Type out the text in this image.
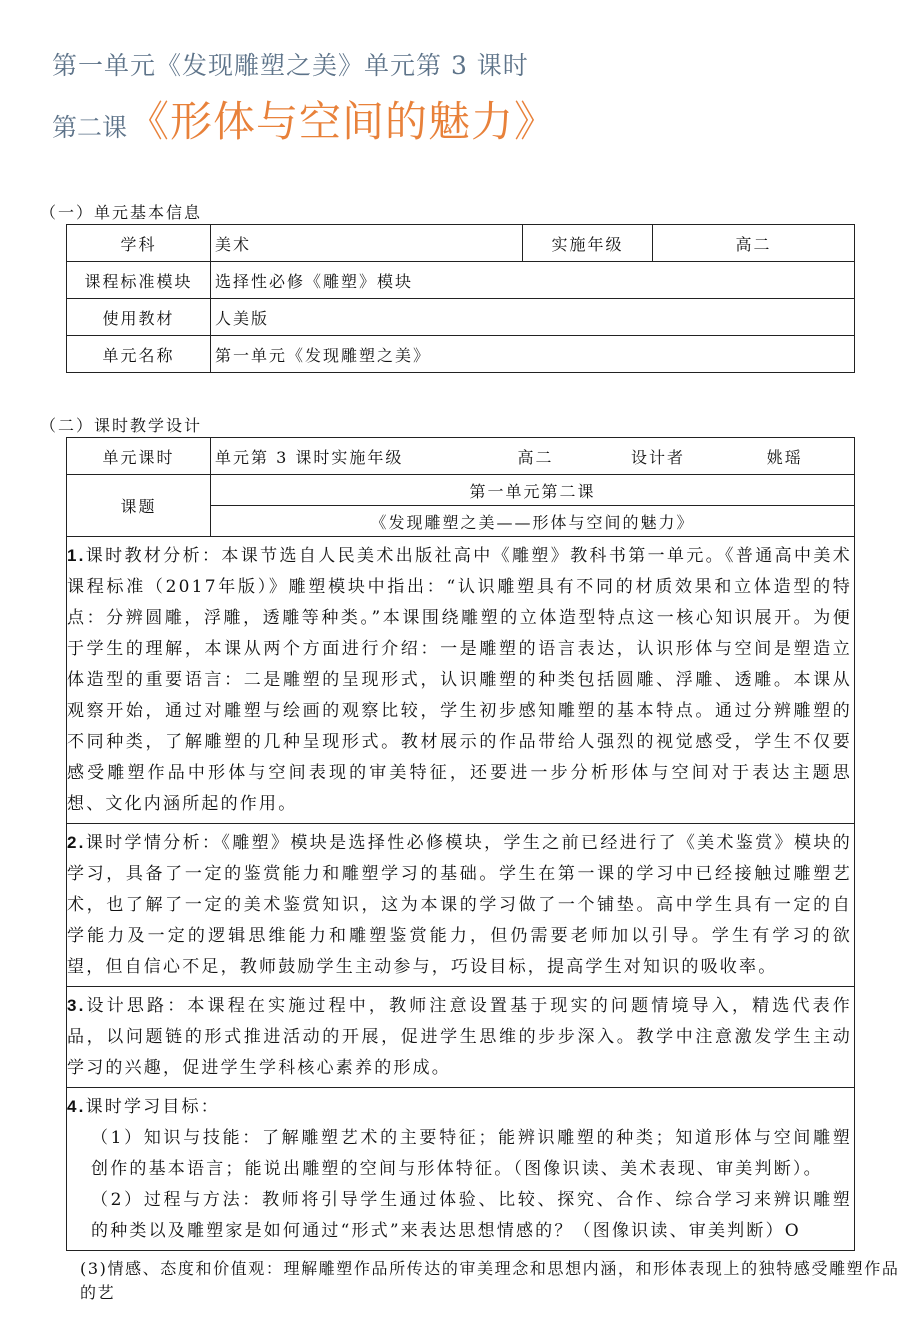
第一单元《发现雕塑之美》单元第 3 课时
第二课《形体与空间的魅力》
（一）单元基本信息
学科	美术	实施年级	高二
课程标准模块	选择性必修《雕塑》模块		
使用教材	人美版		
单元名称	第一单元《发现雕塑之美》		
（二）课时教学设计
单元课时	单元第 3 课时实施年级	高二	设计者	姚瑶
课题	第一单元第二课			
	《发现雕塑之美——形体与空间的魅力》			
1.课时教材分析：本课节选自人民美术出版社高中《雕塑》教科书第一单元。《普通高中美术课程标准（2017年版）》雕塑模块中指出：“认识雕塑具有不同的材质效果和立体造型的特点：分辨圆雕，浮雕，透雕等种类。”本课围绕雕塑的立体造型特点这一核心知识展开。为便于学生的理解，本课从两个方面进行介绍：一是雕塑的语言表达，认识形体与空间是塑造立体造型的重要语言：二是雕塑的呈现形式，认识雕塑的种类包括圆雕、浮雕、透雕。本课从观察开始，通过对雕塑与绘画的观察比较，学生初步感知雕塑的基本特点。通过分辨雕塑的不同种类，了解雕塑的几种呈现形式。教材展示的作品带给人强烈的视觉感受，学生不仅要感受雕塑作品中形体与空间表现的审美特征，还要进一步分析形体与空间对于表达主题思想、文化内涵所起的作用。				
2.课时学情分析：《雕塑》模块是选择性必修模块，学生之前已经进行了《美术鉴赏》模块的学习，具备了一定的鉴赏能力和雕塑学习的基础。学生在第一课的学习中已经接触过雕塑艺术，也了解了一定的美术鉴赏知识，这为本课的学习做了一个铺垫。高中学生具有一定的自学能力及一定的逻辑思维能力和雕塑鉴赏能力，但仍需要老师加以引导。学生有学习的欲望，但自信心不足，教师鼓励学生主动参与，巧设目标，提高学生对知识的吸收率。				
3.设计思路：本课程在实施过程中，教师注意设置基于现实的问题情境导入，精选代表作品，以问题链的形式推进活动的开展，促进学生思维的步步深入。教学中注意激发学生主动学习的兴趣，促进学生学科核心素养的形成。				

4.课时学习目标：
（1）知识与技能：了解雕塑艺术的主要特征；能辨识雕塑的种类；知道形体与空间雕塑创作的基本语言；能说出雕塑的空间与形体特征。（图像识读、美术表现、审美判断）。
（2）过程与方法：教师将引导学生通过体验、比较、探究、合作、综合学习来辨识雕塑的种类以及雕塑家是如何通过“形式”来表达思想情感的？（图像识读、审美判断）O				
(3)情感、态度和价值观：理解雕塑作品所传达的审美理念和思想内涵，和形体表现上的独特感受雕塑作品的艺
